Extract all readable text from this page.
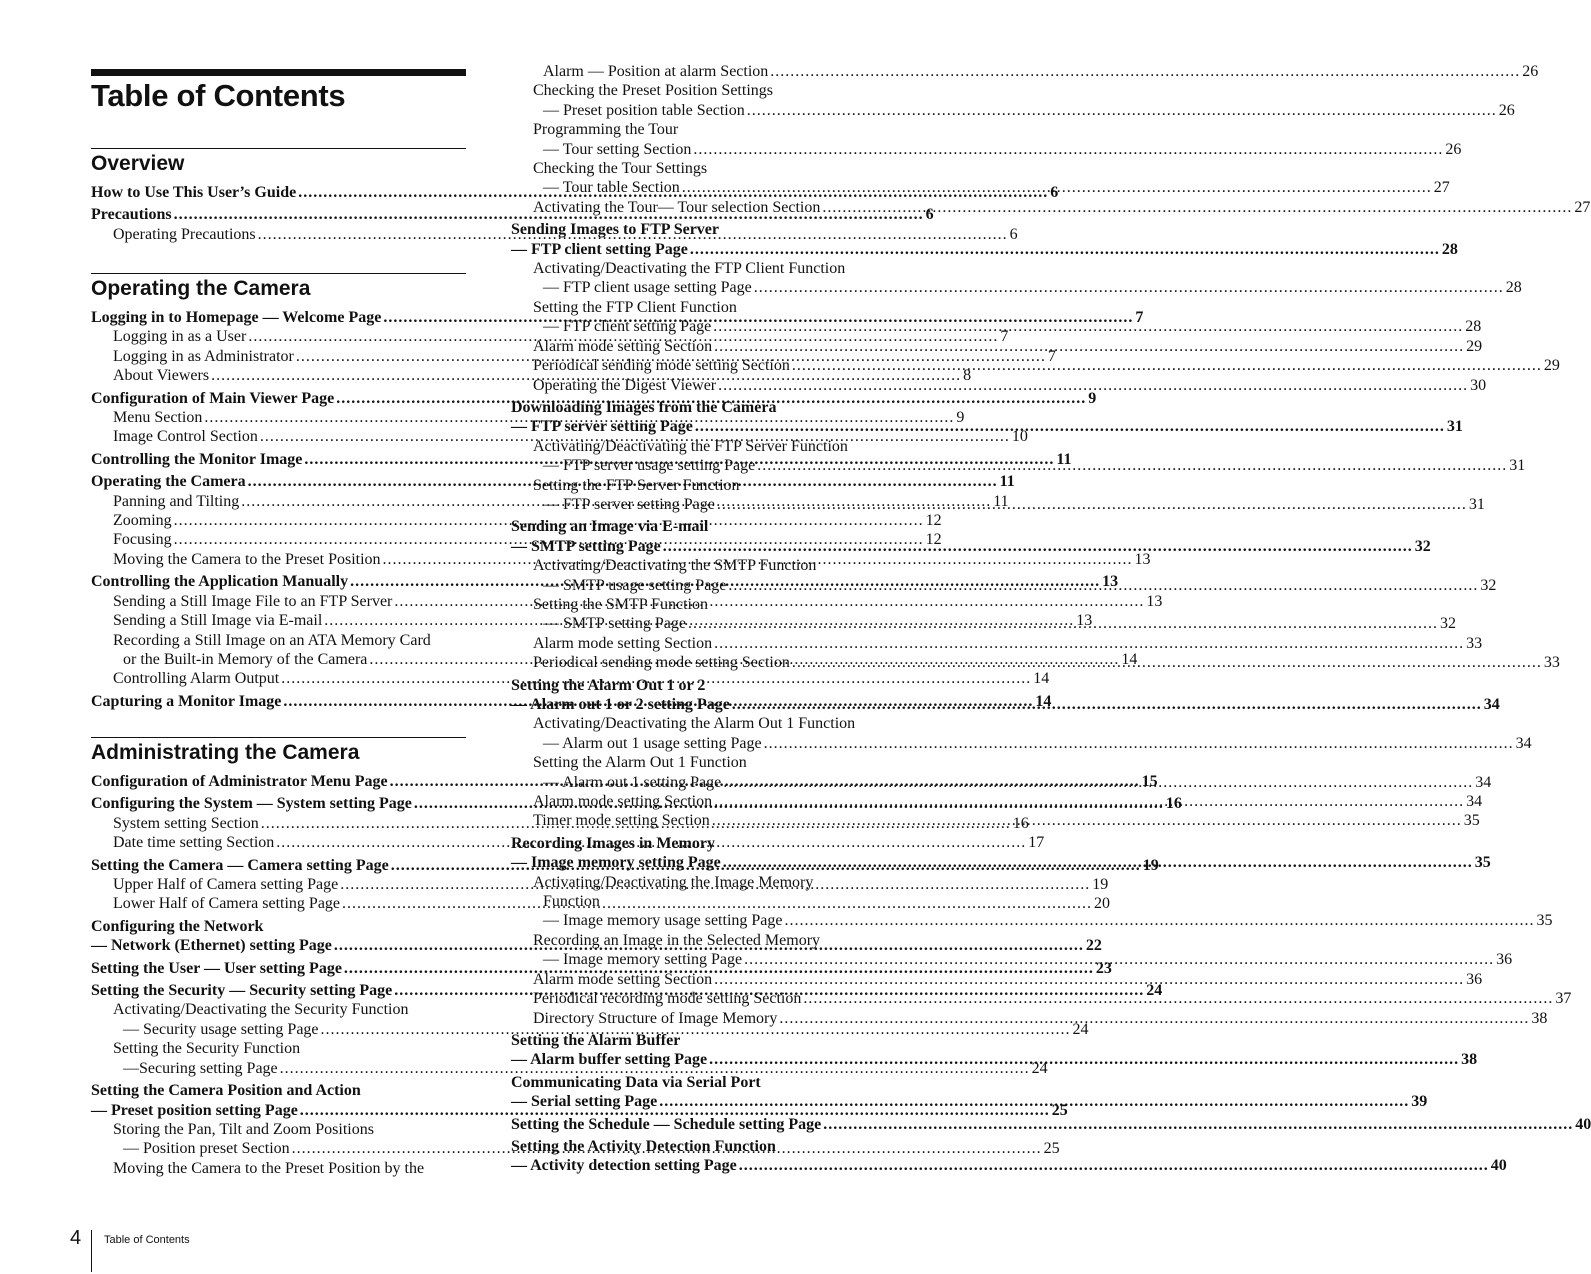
Table of Contents
Overview
How to Use This User’s Guide .....	6
Precautions .....	6
Operating Precautions .....	6
Operating the Camera
Logging in to Homepage — Welcome Page .....	7
Logging in as a User .....	7
Logging in as Administrator .....	7
About Viewers .....	8
Configuration of Main Viewer Page .....	9
Menu Section .....	9
Image Control Section .....	10
Controlling the Monitor Image .....	11
Operating the Camera .....	11
Panning and Tilting .....	11
Zooming .....	12
Focusing .....	12
Moving the Camera to the Preset Position .....	13
Controlling the Application Manually .....	13
Sending a Still Image File to an FTP Server .....	13
Sending a Still Image via E-mail .....	13
Recording a Still Image on an ATA Memory Card
or the Built-in Memory of the Camera .....	14
Controlling Alarm Output .....	14
Capturing a Monitor Image .....	14
Administrating the Camera
Configuration of Administrator Menu Page .....	15
Configuring the System — System setting Page .....	16
System setting Section .....	16
Date time setting Section .....	17
Setting the Camera — Camera setting Page .....	19
Upper Half of Camera setting Page .....	19
Lower Half of Camera setting Page .....	20
Configuring the Network
— Network (Ethernet) setting Page .....	22
Setting the User — User setting Page .....	23
Setting the Security — Security setting Page .....	24
Activating/Deactivating the Security Function
— Security usage setting Page .....	24
Setting the Security Function
—Securing setting Page .....	24
Setting the Camera Position and Action
— Preset position setting Page .....	25
Storing the Pan, Tilt and Zoom Positions
— Position preset Section .....	25
Moving the Camera to the Preset Position by the
Alarm — Position at alarm Section .....	26
Checking the Preset Position Settings
— Preset position table Section .....	26
Programming the Tour
— Tour setting Section .....	26
Checking the Tour Settings
— Tour table Section .....	27
Activating the Tour— Tour selection Section .....	27
Sending Images to FTP Server
— FTP client setting Page .....	28
Activating/Deactivating the FTP Client Function
— FTP client usage setting Page .....	28
Setting the FTP Client Function
— FTP client setting Page .....	28
Alarm mode setting Section .....	29
Periodical sending mode setting Section .....	29
Operating the Digest Viewer .....	30
Downloading Images from the Camera
— FTP server setting Page .....	31
Activating/Deactivating the FTP Server Function
— FTP server usage setting Page .....	31
Setting the FTP Server Function
— FTP server setting Page .....	31
Sending an Image via E-mail
— SMTP setting Page .....	32
Activating/Deactivating the SMTP Function
— SMTP usage setting Page .....	32
Setting the SMTP Function
— SMTP setting Page .....	32
Alarm mode setting Section .....	33
Periodical sending mode setting Section .....	33
Setting the Alarm Out 1 or 2
— Alarm out 1 or 2 setting Page .....	34
Activating/Deactivating the Alarm Out 1 Function
— Alarm out 1 usage setting Page .....	34
Setting the Alarm Out 1 Function
— Alarm out 1 setting Page .....	34
Alarm mode setting Section .....	34
Timer mode setting Section .....	35
Recording Images in Memory
— Image memory setting Page .....	35
Activating/Deactivating the Image Memory
Function
— Image memory usage setting Page .....	35
Recording an Image in the Selected Memory
— Image memory setting Page .....	36
Alarm mode setting Section .....	36
Periodical recording mode setting Section .....	37
Directory Structure of Image Memory .....	38
Setting the Alarm Buffer
— Alarm buffer setting Page .....	38
Communicating Data via Serial Port
— Serial setting Page .....	39
Setting the Schedule — Schedule setting Page .....	40
Setting the Activity Detection Function
— Activity detection setting Page .....	40
4 Table of Contents
